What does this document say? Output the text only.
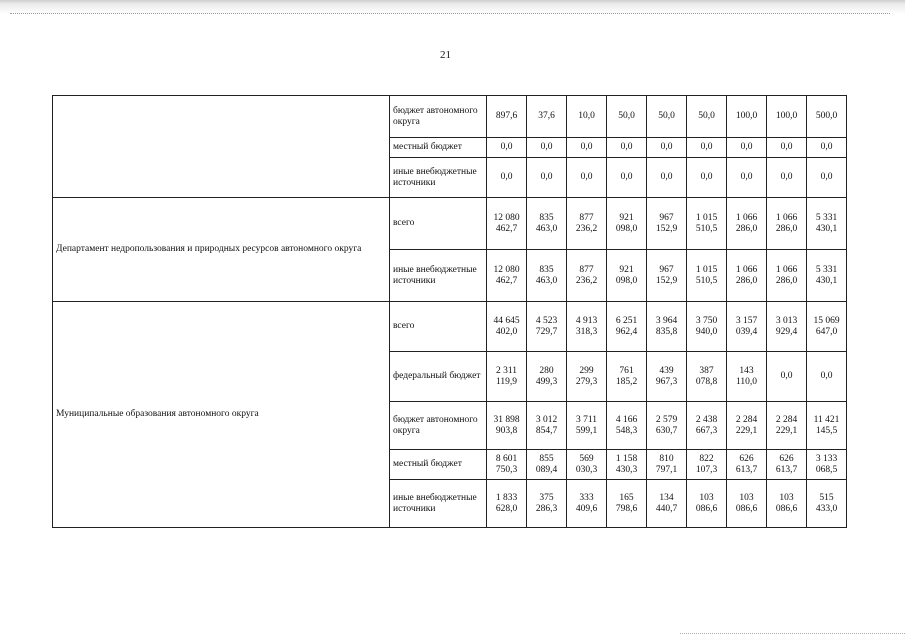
21
	бюджет автономного округа	897,6	37,6	10,0	50,0	50,0	50,0	100,0	100,0	500,0
	местный бюджет	0,0	0,0	0,0	0,0	0,0	0,0	0,0	0,0	0,0
	иные внебюджетные источники	0,0	0,0	0,0	0,0	0,0	0,0	0,0	0,0	0,0
Департамент недропользования и природных ресурсов автономного округа	всего	12 080 462,7	835 463,0	877 236,2	921 098,0	967 152,9	1 015 510,5	1 066 286,0	1 066 286,0	5 331 430,1
	иные внебюджетные источники	12 080 462,7	835 463,0	877 236,2	921 098,0	967 152,9	1 015 510,5	1 066 286,0	1 066 286,0	5 331 430,1
Муниципальные образования автономного округа	всего	44 645 402,0	4 523 729,7	4 913 318,3	6 251 962,4	3 964 835,8	3 750 940,0	3 157 039,4	3 013 929,4	15 069 647,0
	федеральный бюджет	2 311 119,9	280 499,3	299 279,3	761 185,2	439 967,3	387 078,8	143 110,0	0,0	0,0
	бюджет автономного округа	31 898 903,8	3 012 854,7	3 711 599,1	4 166 548,3	2 579 630,7	2 438 667,3	2 284 229,1	2 284 229,1	11 421 145,5
	местный бюджет	8 601 750,3	855 089,4	569 030,3	1 158 430,3	810 797,1	822 107,3	626 613,7	626 613,7	3 133 068,5
	иные внебюджетные источники	1 833 628,0	375 286,3	333 409,6	165 798,6	134 440,7	103 086,6	103 086,6	103 086,6	515 433,0
